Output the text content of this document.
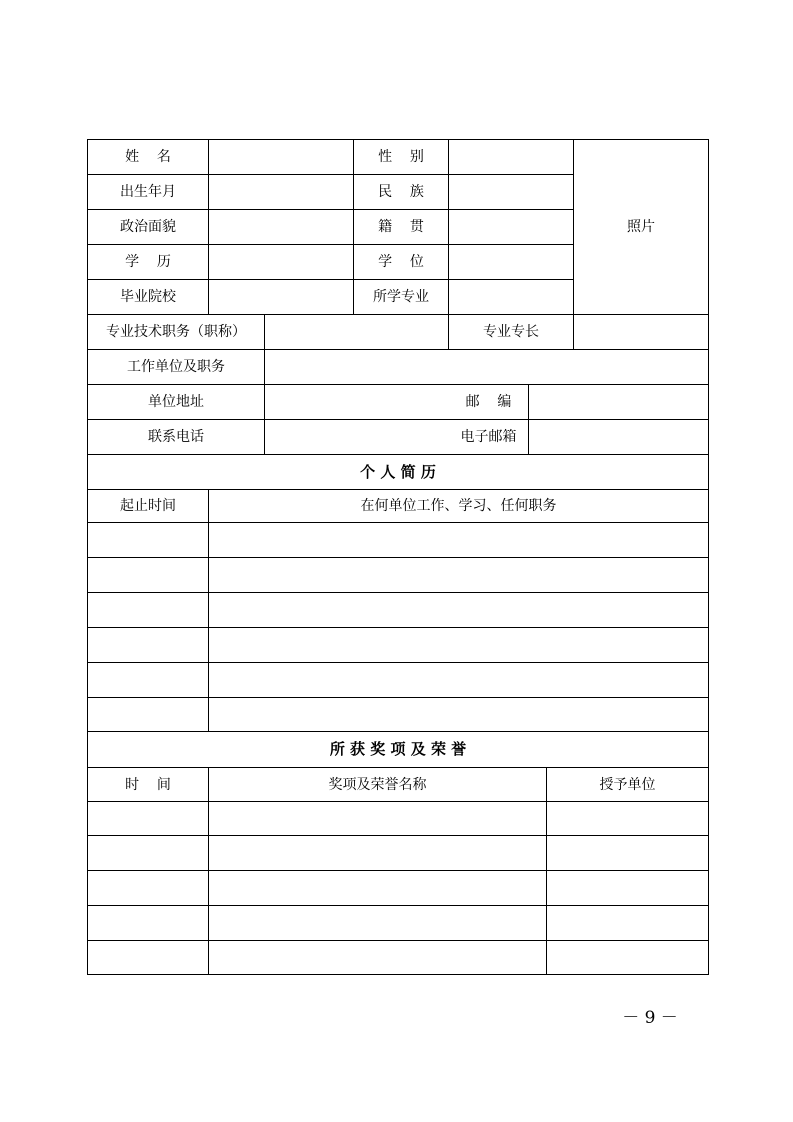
姓    名	性    别
出生年月	民    族
政治面貌	籍    贯
学    历	学    位
毕业院校	所学专业
照片
专业技术职务（职称）	专业专长
工作单位及职务
单位地址	邮    编
联系电话	电子邮箱
个 人 简 历
起止时间	在何单位工作、学习、任何职务
所 获 奖 项 及 荣 誉
时    间	奖项及荣誉名称	授予单位
－ 9 －
